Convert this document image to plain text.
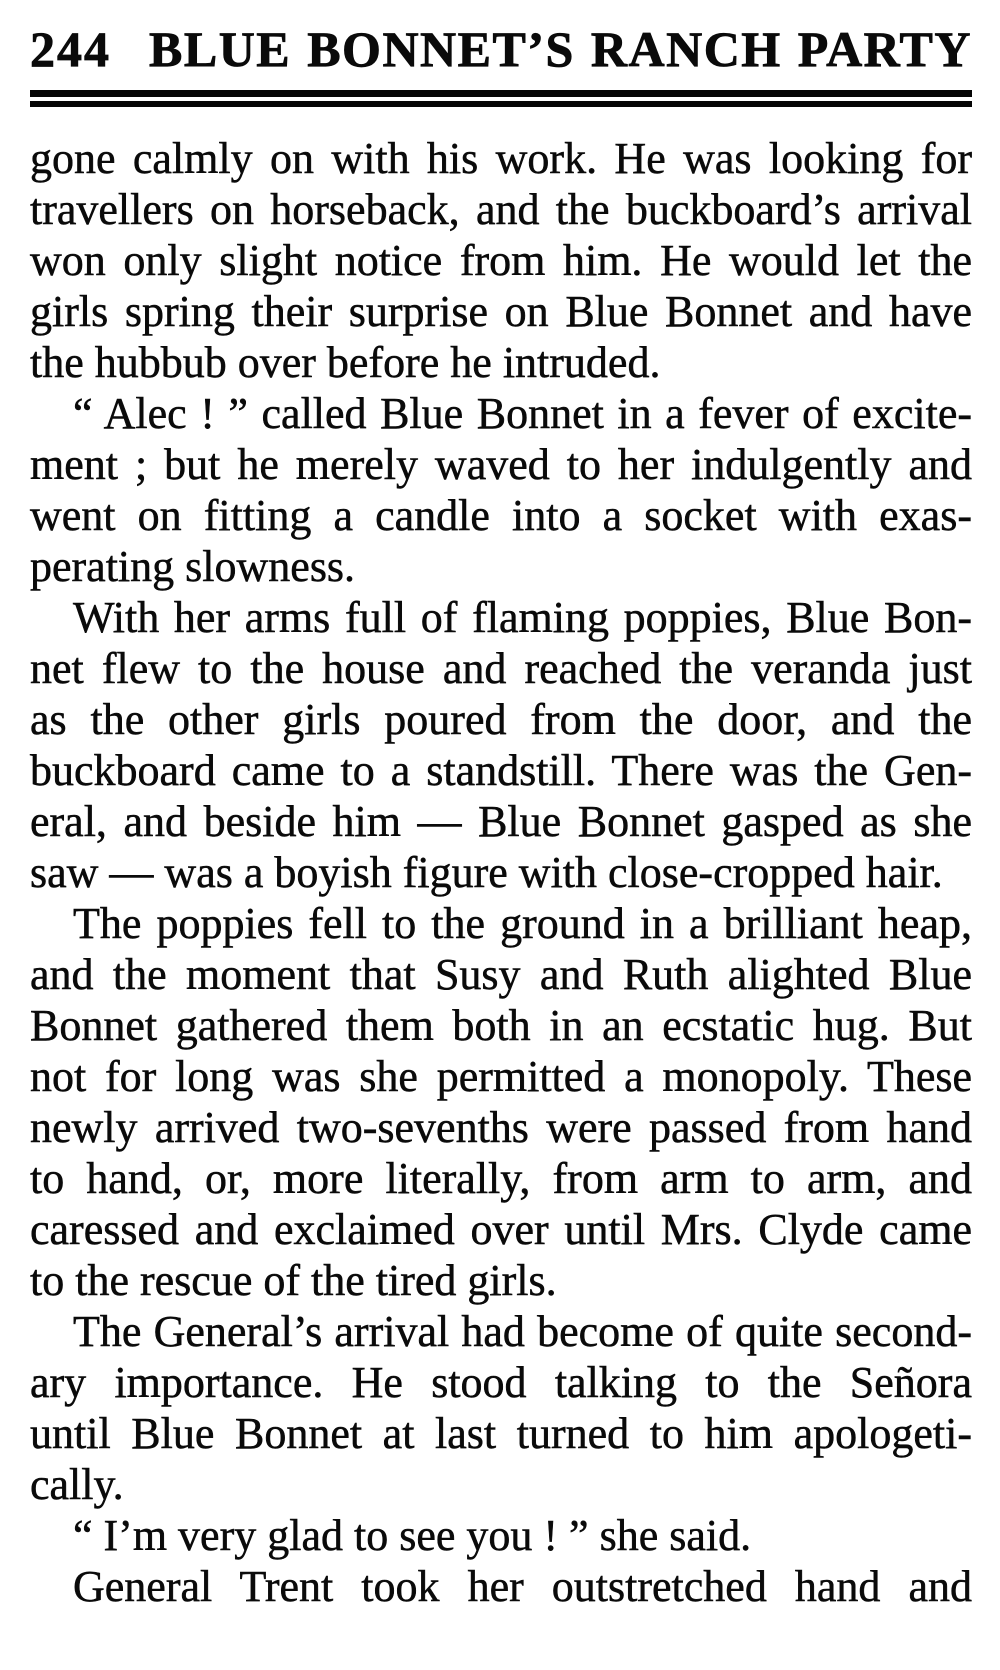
244 BLUE BONNET’S RANCH PARTY
gone calmly on with his work. He was looking for
travellers on horseback, and the buckboard’s arrival
won only slight notice from him. He would let the
girls spring their surprise on Blue Bonnet and have
the hubbub over before he intruded.
“ Alec ! ” called Blue Bonnet in a fever of excite-
ment ; but he merely waved to her indulgently and
went on fitting a candle into a socket with exas-
perating slowness.
With her arms full of flaming poppies, Blue Bon-
net flew to the house and reached the veranda just
as the other girls poured from the door, and the
buckboard came to a standstill. There was the Gen-
eral, and beside him — Blue Bonnet gasped as she
saw — was a boyish figure with close-cropped hair.
The poppies fell to the ground in a brilliant heap,
and the moment that Susy and Ruth alighted Blue
Bonnet gathered them both in an ecstatic hug. But
not for long was she permitted a monopoly. These
newly arrived two-sevenths were passed from hand
to hand, or, more literally, from arm to arm, and
caressed and exclaimed over until Mrs. Clyde came
to the rescue of the tired girls.
The General’s arrival had become of quite second-
ary importance. He stood talking to the Señora
until Blue Bonnet at last turned to him apologeti-
cally.
“ I’m very glad to see you ! ” she said.
General Trent took her outstretched hand and
